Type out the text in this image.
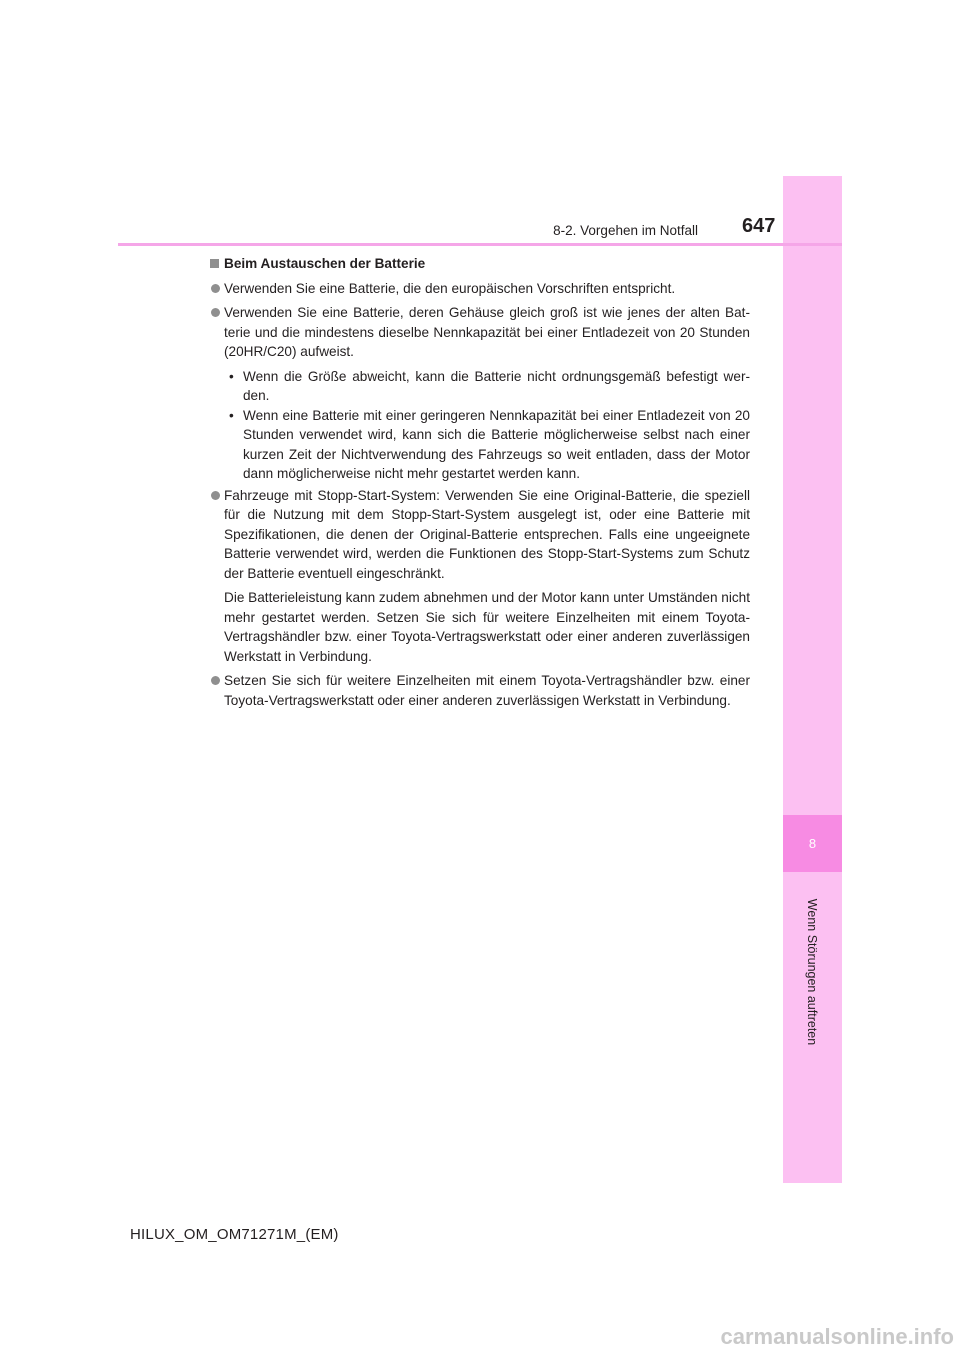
8
Wenn Störungen auftreten
8-2. Vorgehen im Notfall 647
Beim Austauschen der Batterie
Verwenden Sie eine Batterie, die den europäischen Vorschriften entspricht.
Verwenden Sie eine Batterie, deren Gehäuse gleich groß ist wie jenes der alten Batterie und die mindestens dieselbe Nennkapazität bei einer Entladezeit von 20 Stunden (20HR/C20) aufweist.
• Wenn die Größe abweicht, kann die Batterie nicht ordnungsgemäß befestigt werden.
• Wenn eine Batterie mit einer geringeren Nennkapazität bei einer Entladezeit von 20 Stunden verwendet wird, kann sich die Batterie möglicherweise selbst nach einer kurzen Zeit der Nichtverwendung des Fahrzeugs so weit entladen, dass der Motor dann möglicherweise nicht mehr gestartet werden kann.
Fahrzeuge mit Stopp-Start-System: Verwenden Sie eine Original-Batterie, die speziell für die Nutzung mit dem Stopp-Start-System ausgelegt ist, oder eine Batterie mit Spezifikationen, die denen der Original-Batterie entsprechen. Falls eine ungeeignete Batterie verwendet wird, werden die Funktionen des Stopp-Start-Systems zum Schutz der Batterie eventuell eingeschränkt.
Die Batterieleistung kann zudem abnehmen und der Motor kann unter Umständen nicht mehr gestartet werden. Setzen Sie sich für weitere Einzelheiten mit einem Toyota-Vertragshändler bzw. einer Toyota-Vertragswerkstatt oder einer anderen zuverlässigen Werkstatt in Verbindung.
Setzen Sie sich für weitere Einzelheiten mit einem Toyota-Vertragshändler bzw. einer Toyota-Vertragswerkstatt oder einer anderen zuverlässigen Werkstatt in Verbindung.
HILUX_OM_OM71271M_(EM)
carmanualsonline.info
